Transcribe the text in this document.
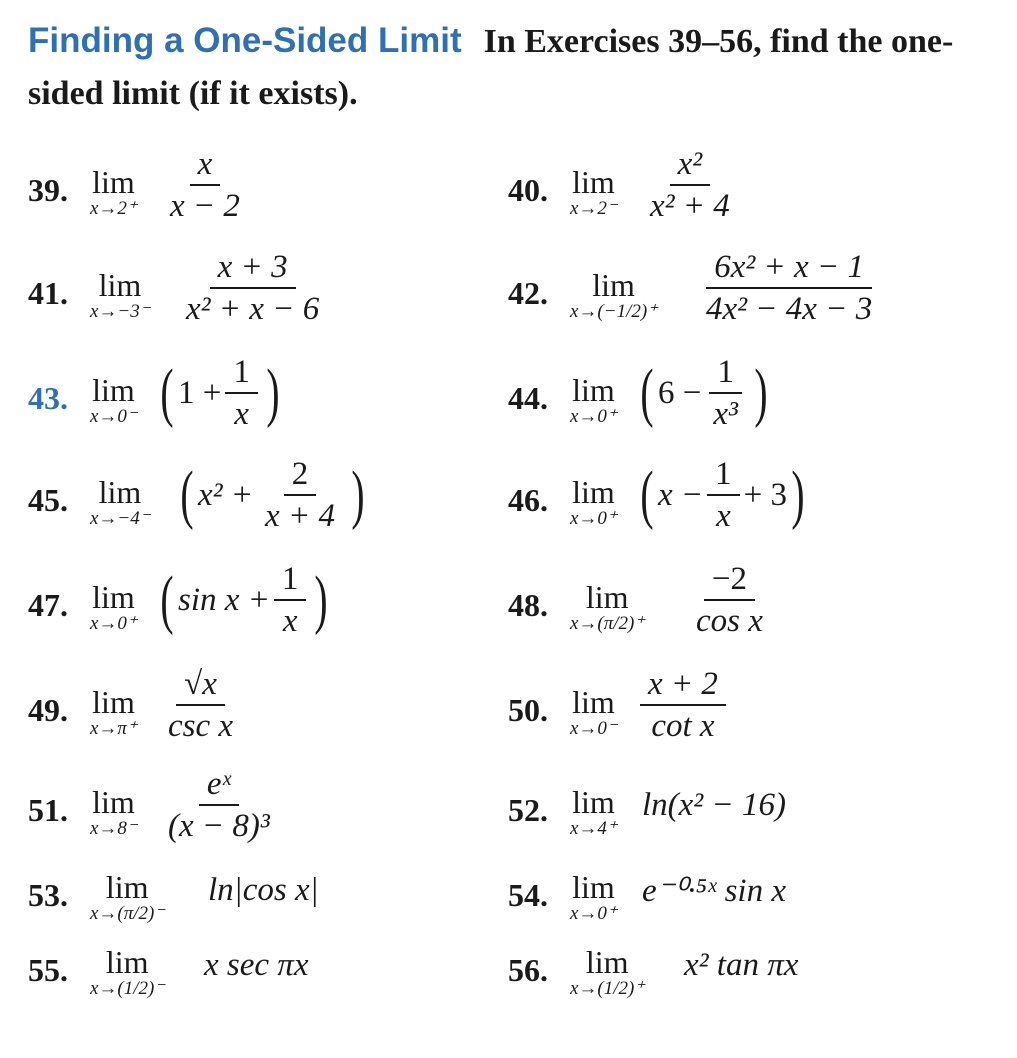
Finding a One-Sided Limit In Exercises 39–56, find the one-sided limit (if it exists).
39. lim
$x\to 2^+ \frac{x}{x - 2}$	40. lim
$x\to 2^- \frac{\text{x²}}{\text{x² + 4}}$
41. lim
$x\to-3^- \frac{x + 3}{\text{x² + x − 6}}$	42.	lim
$x\to(-1/2)^+ \frac{\text{6x² + x − 1}}{\text{4x² − 4x − 3}}$
43. lim
x→0⁻ ( $1 + \frac{1}{x}$ )	44. lim
x→0⁺ ( $6 - \frac{1}{\text{x³}}$ )
45. lim
x→−4⁻ ( $x^2 + \frac{2}{x + 4}$ )	46. lim
x→0⁺ ( $x - \frac{1}{x} + 3$ )
47. lim
x→0⁺ ( $\sin x + \frac{1}{x}$ )	48.	lim
$x\to(\pi/2)^+ \frac{-2}{\text{cos x}}$
49. lim
$x\to\pi^+ \frac{√x}{\text{csc x}}$	50. lim
$x\to 0^- \frac{x + 2}{\text{cot x}}$
51. lim
$x\to 8^- \frac{\text{eˣ}}{\text{(x − 8)³}}$	52. lim
x→4⁺
ln(x² − 16)
53.	lim
x→(π/2)⁻
ln|cos x|	54. lim
x→0⁺
e⁻⁰·⁵ˣ sin x
55.	lim
x→(1/2)⁻
x sec πx	56.	lim
x→(1/2)⁺
x² tan πx
